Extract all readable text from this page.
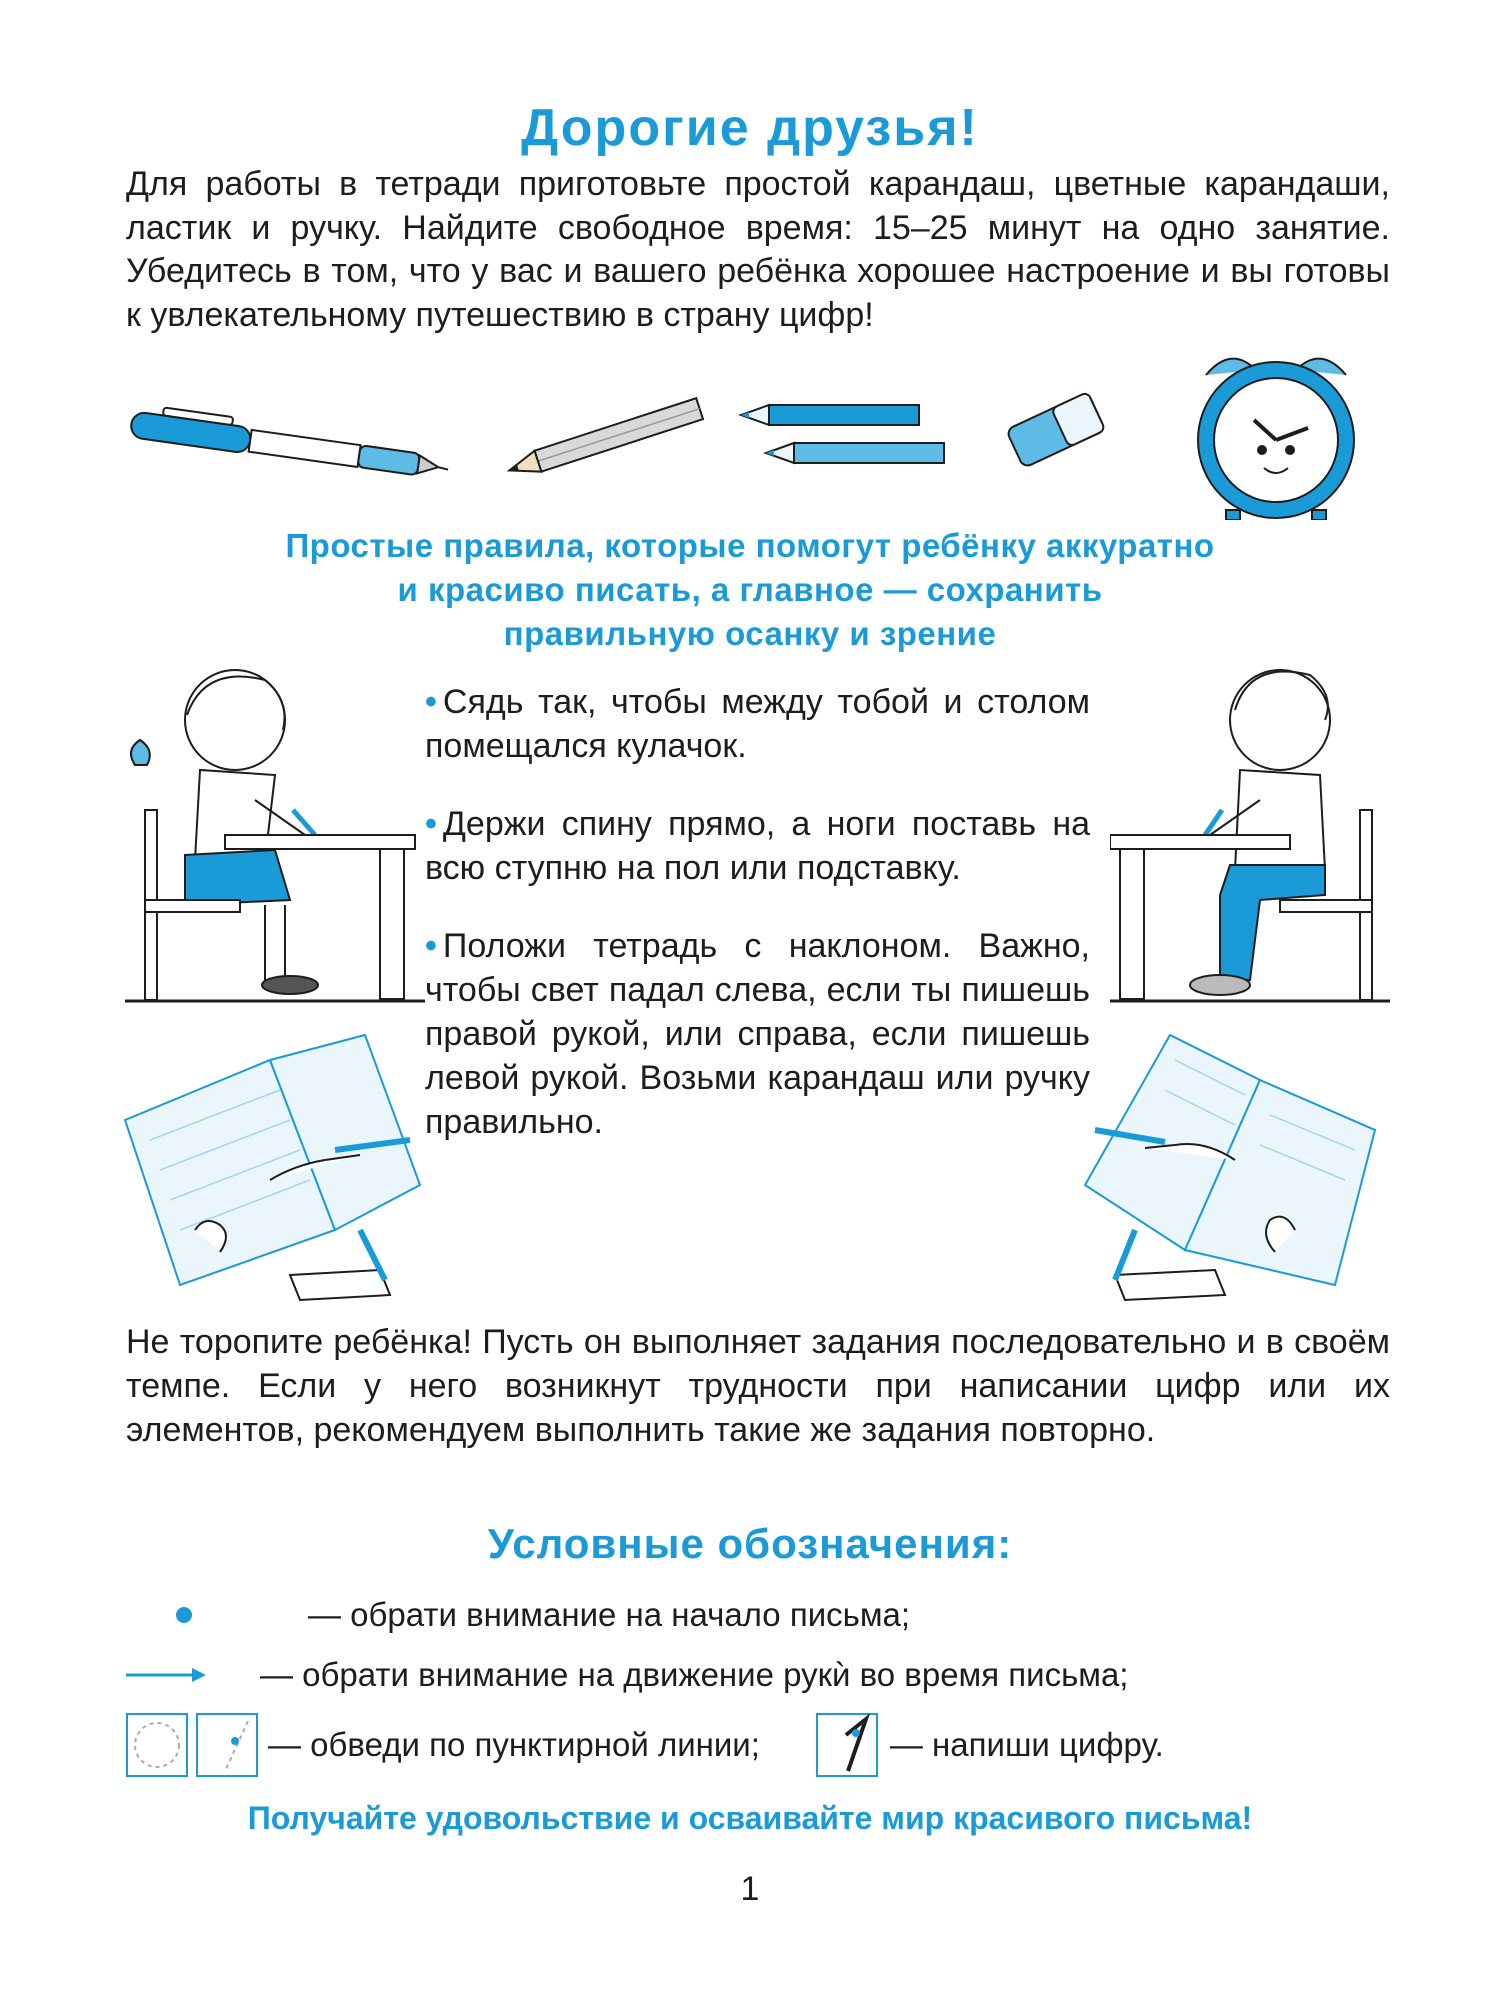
Дорогие друзья!

Для работы в тетради приготовьте простой карандаш, цветные карандаши, ластик и ручку. Найдите свободное время: 15–25 минут на одно занятие. Убедитесь в том, что у вас и вашего ребёнка хорошее настроение и вы готовы к увлекательному путешествию в страну цифр!

Простые правила, которые помогут ребёнку аккуратно
и красиво писать, а главное — сохранить
правильную осанку и зрение
• Сядь так, чтобы между тобой и столом помещался кулачок.
• Держи спину прямо, а ноги поставь на всю ступню на пол или подставку.
• Положи тетрадь с наклоном. Важно, чтобы свет падал слева, если ты пишешь правой рукой, или справа, если пишешь левой рукой. Возьми карандаш или ручку правильно.

Не торопите ребёнка! Пусть он выполняет задания последовательно и в своём темпе. Если у него возникнут трудности при написании цифр или их элементов, рекомендуем выполнить такие же задания повторно.

Условные обозначения:
— обрати внимание на начало письма;
— обрати внимание на движение рукѝ во время письма;
— обведи по пунктирной линии;	— напиши цифру.

Получайте удовольствие и осваивайте мир красивого письма!

1
